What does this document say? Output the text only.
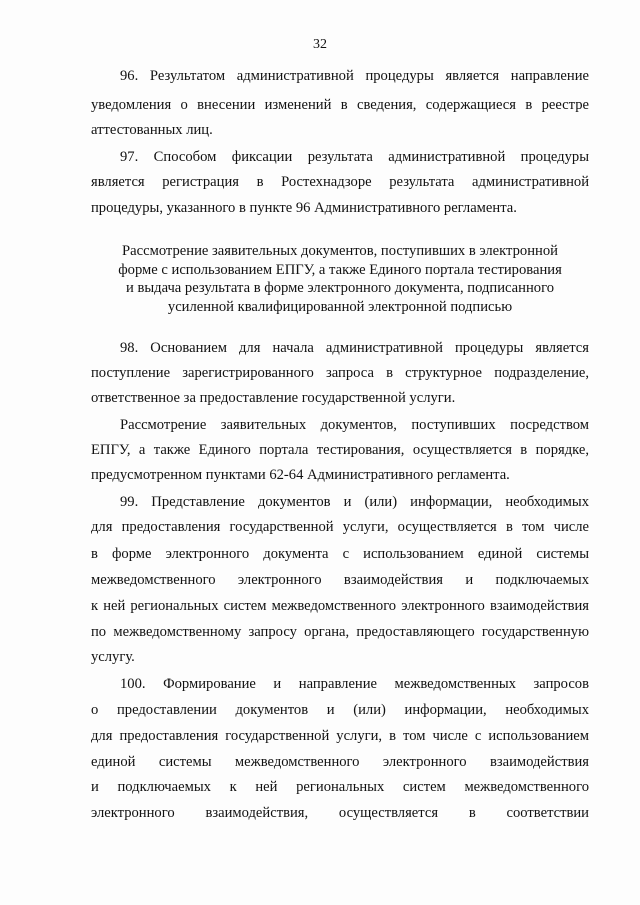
32
96. Результатом административной процедуры является направление
уведомления о внесении изменений в сведения, содержащиеся в реестре
аттестованных лиц.
97. Способом фиксации результата административной процедуры
является регистрация в Ростехнадзоре результата административной
процедуры, указанного в пункте 96 Административного регламента.
Рассмотрение заявительных документов, поступивших в электронной
форме с использованием ЕПГУ, а также Единого портала тестирования
и выдача результата в форме электронного документа, подписанного
усиленной квалифицированной электронной подписью
98. Основанием для начала административной процедуры является
поступление зарегистрированного запроса в структурное подразделение,
ответственное за предоставление государственной услуги.
Рассмотрение заявительных документов, поступивших посредством
ЕПГУ, а также Единого портала тестирования, осуществляется в порядке,
предусмотренном пунктами 62-64 Административного регламента.
99. Представление документов и (или) информации, необходимых
для предоставления государственной услуги, осуществляется в том числе
в форме электронного документа с использованием единой системы
межведомственного электронного взаимодействия и подключаемых
к ней региональных систем межведомственного электронного взаимодействия
по межведомственному запросу органа, предоставляющего государственную
услугу.
100. Формирование и направление межведомственных запросов
о предоставлении документов и (или) информации, необходимых
для предоставления государственной услуги, в том числе с использованием
единой системы межведомственного электронного взаимодействия
и подключаемых к ней региональных систем межведомственного
электронного взаимодействия, осуществляется в соответствии
